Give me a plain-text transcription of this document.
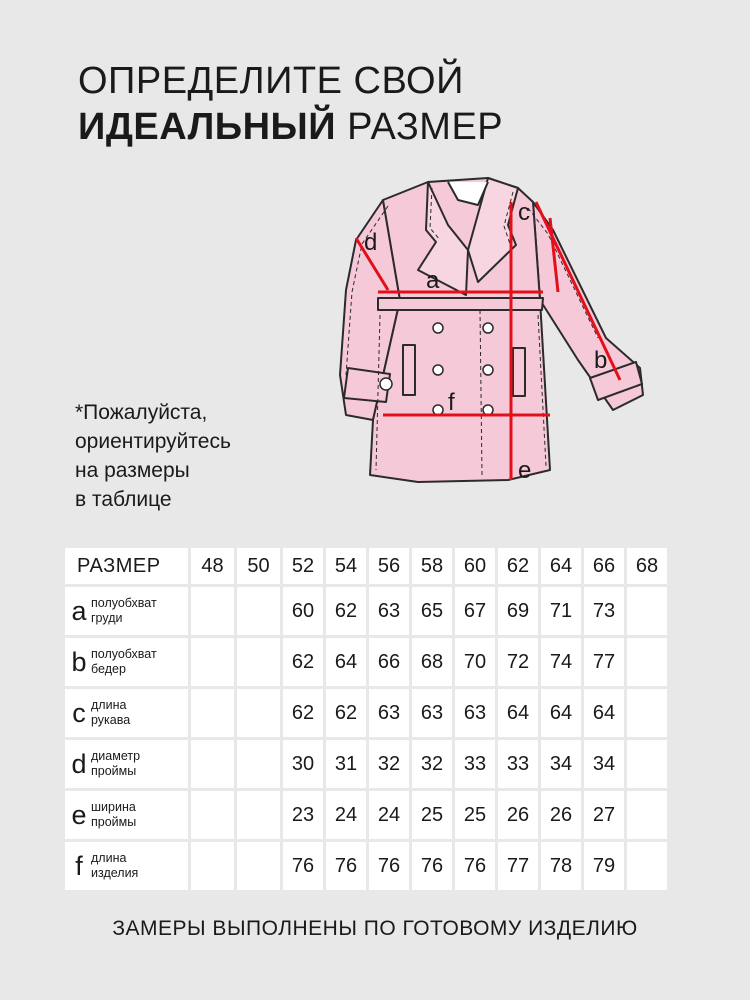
ОПРЕДЕЛИТЕ СВОЙ
ИДЕАЛЬНЫЙ РАЗМЕР
*Пожалуйста,
ориентируйтесь
на размеры
в таблице
a
b
c
d
e
f
РАЗМЕР	48	50	52	54	56	58	60	62	64	66	68
a полуобхват
груди			60	62	63	65	67	69	71	73	
b полуобхват
бедер			62	64	66	68	70	72	74	77	
c длина
рукава			62	62	63	63	63	64	64	64	
d диаметр
проймы			30	31	32	32	33	33	34	34	
e ширина
проймы			23	24	24	25	25	26	26	27	
f длина
изделия			76	76	76	76	76	77	78	79	
ЗАМЕРЫ ВЫПОЛНЕНЫ ПО ГОТОВОМУ ИЗДЕЛИЮ
